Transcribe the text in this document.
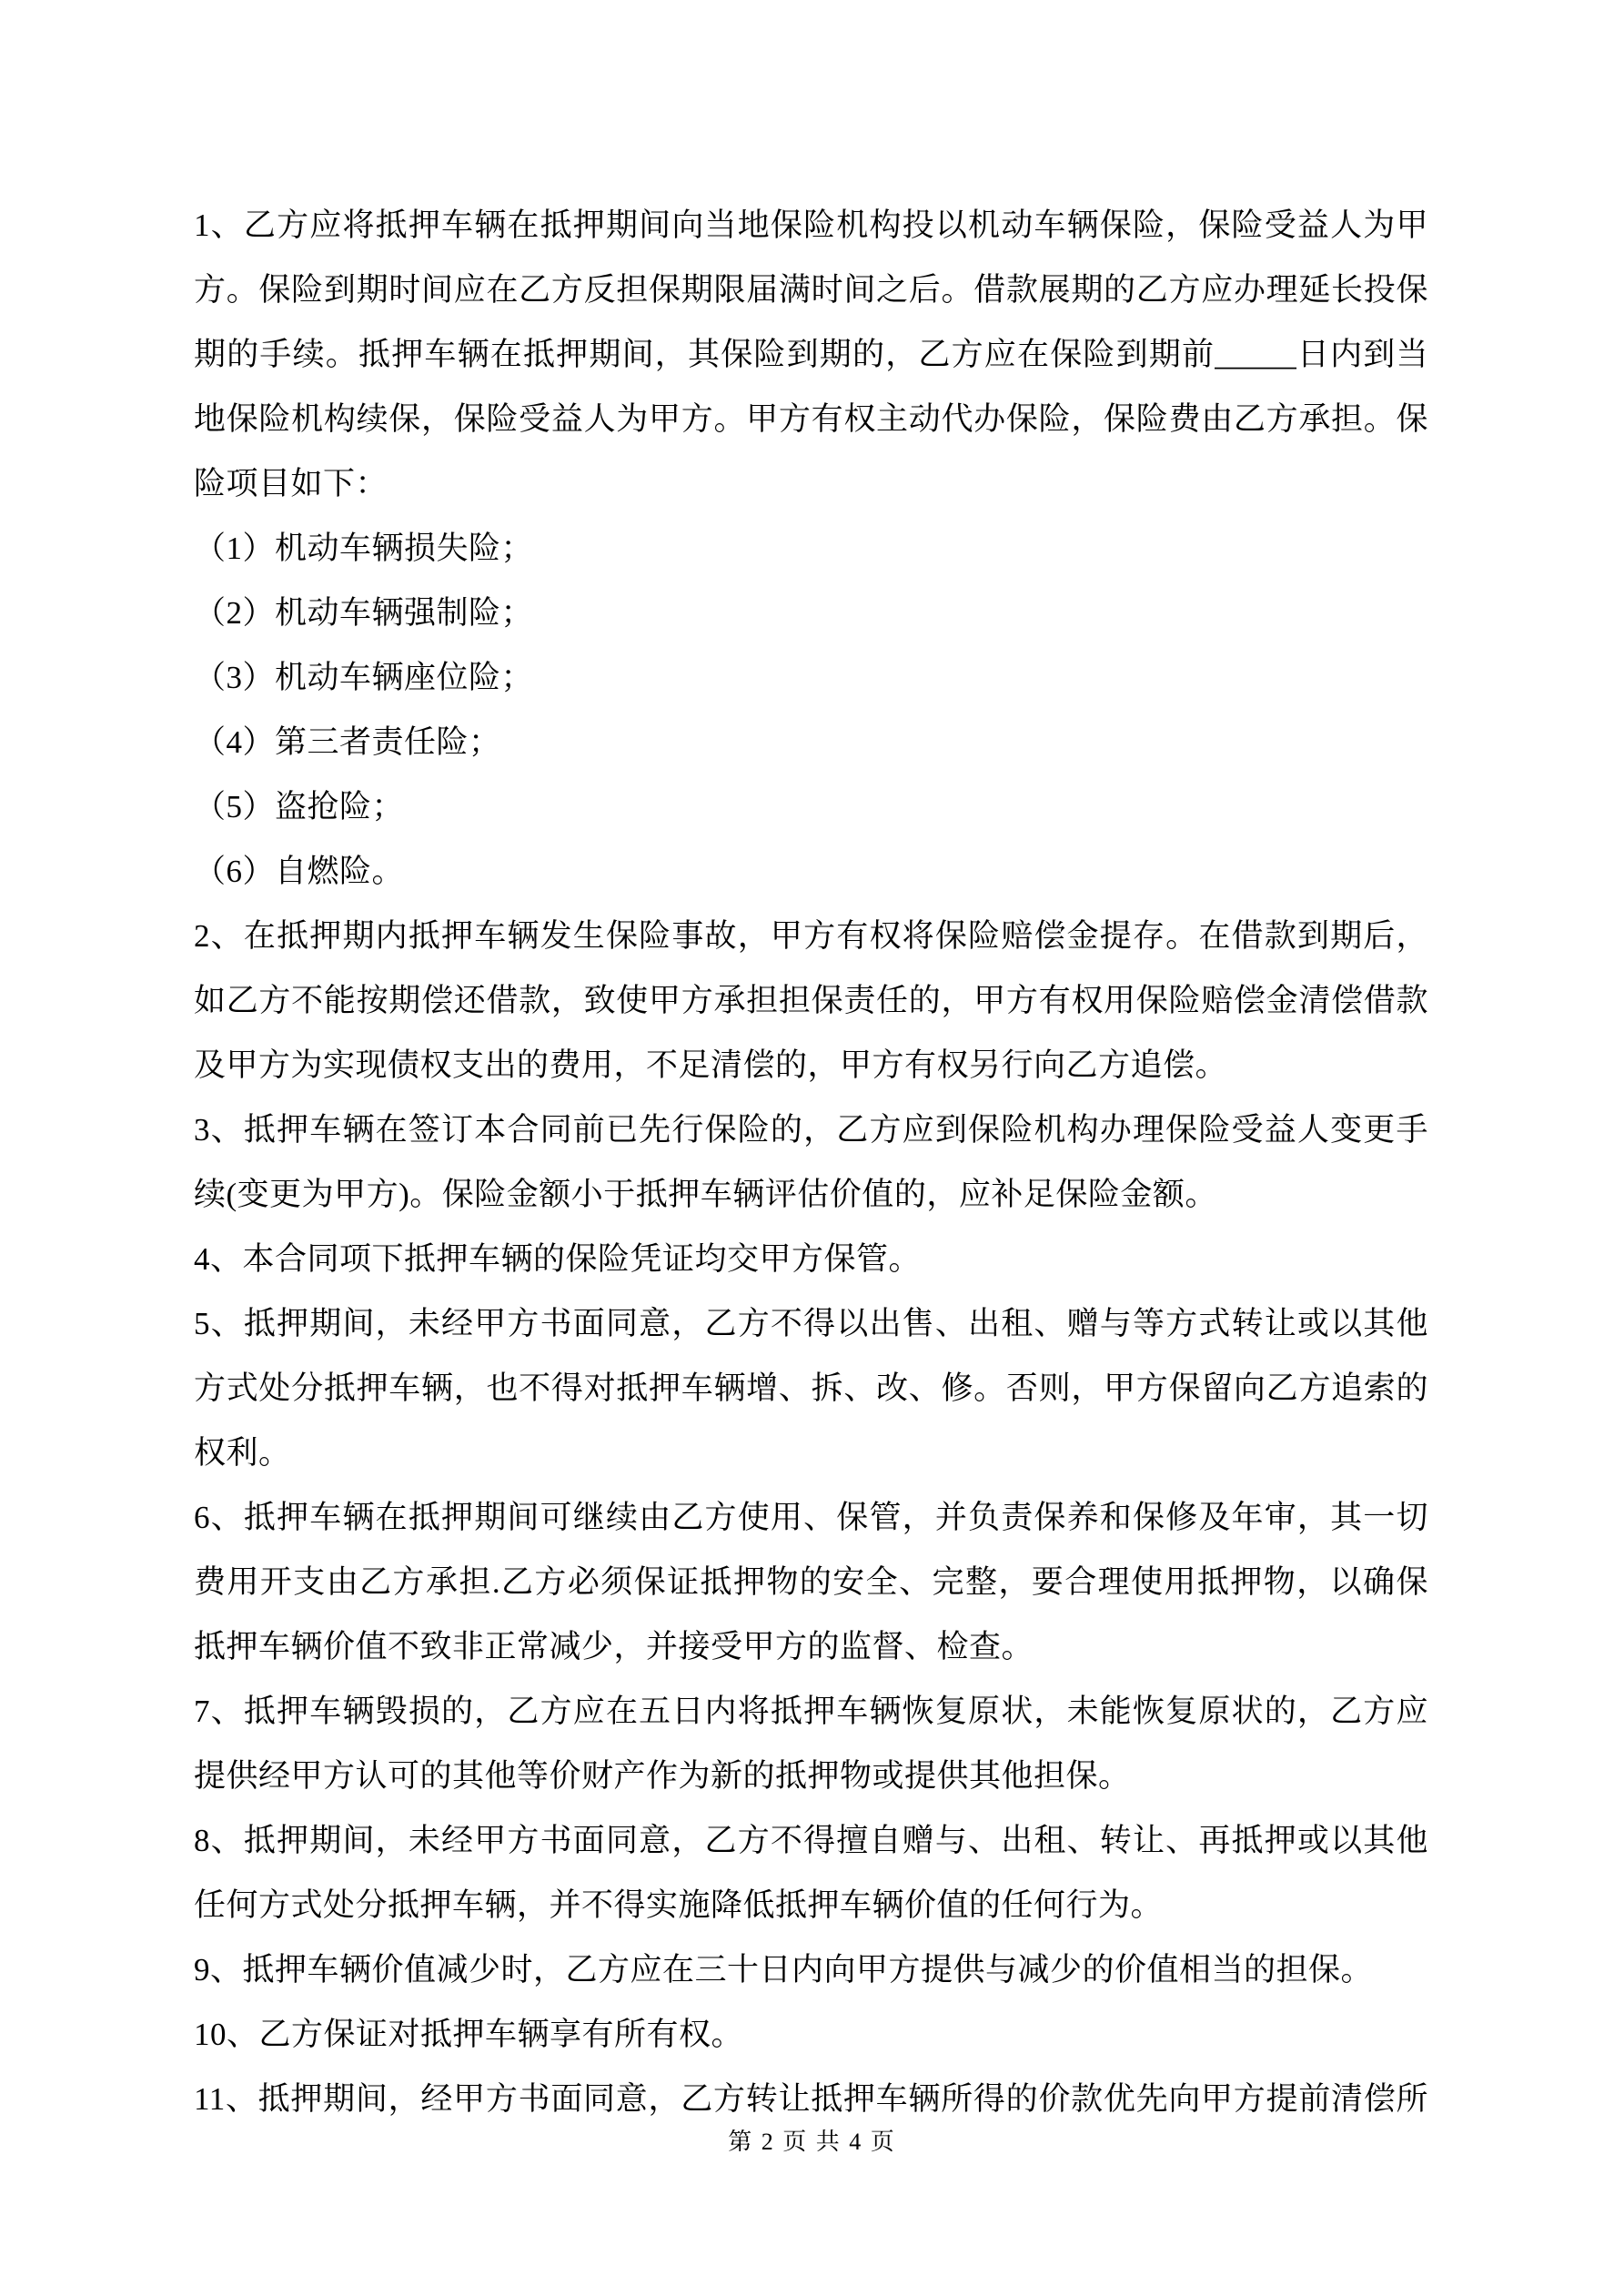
1、乙方应将抵押车辆在抵押期间向当地保险机构投以机动车辆保险，保险受益人为甲
方。保险到期时间应在乙方反担保期限届满时间之后。借款展期的乙方应办理延长投保
期的手续。抵押车辆在抵押期间，其保险到期的，乙方应在保险到期前_____日内到当
地保险机构续保，保险受益人为甲方。甲方有权主动代办保险，保险费由乙方承担。保
险项目如下：
（1）机动车辆损失险；
（2）机动车辆强制险；
（3）机动车辆座位险；
（4）第三者责任险；
（5）盗抢险；
（6）自燃险。
2、在抵押期内抵押车辆发生保险事故，甲方有权将保险赔偿金提存。在借款到期后，
如乙方不能按期偿还借款，致使甲方承担担保责任的，甲方有权用保险赔偿金清偿借款
及甲方为实现债权支出的费用，不足清偿的，甲方有权另行向乙方追偿。
3、抵押车辆在签订本合同前已先行保险的，乙方应到保险机构办理保险受益人变更手
续(变更为甲方)。保险金额小于抵押车辆评估价值的，应补足保险金额。
4、本合同项下抵押车辆的保险凭证均交甲方保管。
5、抵押期间，未经甲方书面同意，乙方不得以出售、出租、赠与等方式转让或以其他
方式处分抵押车辆，也不得对抵押车辆增、拆、改、修。否则，甲方保留向乙方追索的
权利。
6、抵押车辆在抵押期间可继续由乙方使用、保管，并负责保养和保修及年审，其一切
费用开支由乙方承担.乙方必须保证抵押物的安全、完整，要合理使用抵押物，以确保
抵押车辆价值不致非正常减少，并接受甲方的监督、检查。
7、抵押车辆毁损的，乙方应在五日内将抵押车辆恢复原状，未能恢复原状的，乙方应
提供经甲方认可的其他等价财产作为新的抵押物或提供其他担保。
8、抵押期间，未经甲方书面同意，乙方不得擅自赠与、出租、转让、再抵押或以其他
任何方式处分抵押车辆，并不得实施降低抵押车辆价值的任何行为。
9、抵押车辆价值减少时，乙方应在三十日内向甲方提供与减少的价值相当的担保。
10、乙方保证对抵押车辆享有所有权。
11、抵押期间，经甲方书面同意，乙方转让抵押车辆所得的价款优先向甲方提前清偿所
第 2 页 共 4 页
